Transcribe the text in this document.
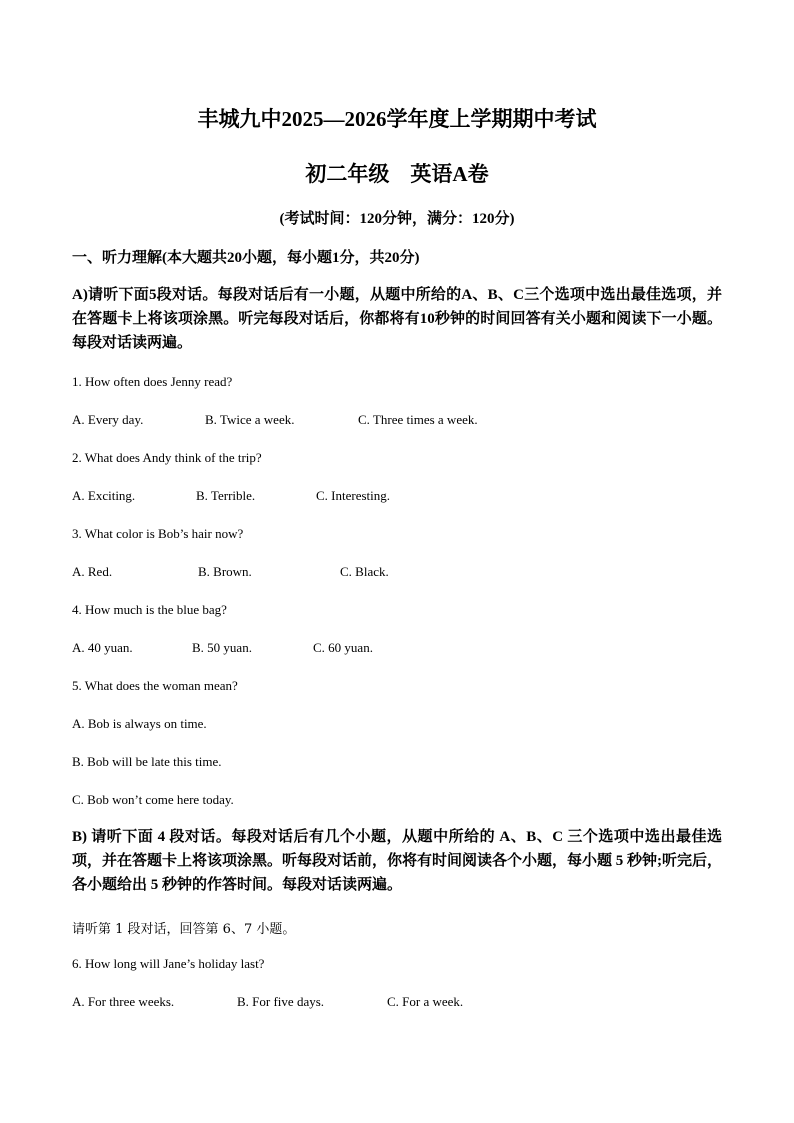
丰城九中2025—2026学年度上学期期中考试
初二年级　英语A卷
(考试时间：120分钟，满分：120分)
一、听力理解(本大题共20小题，每小题1分，共20分)
A)请听下面5段对话。每段对话后有一小题，从题中所给的A、B、C三个选项中选出最佳选项，并在答题卡上将该项涂黑。听完每段对话后，你都将有10秒钟的时间回答有关小题和阅读下一小题。每段对话读两遍。
1. How often does Jenny read?
A. Every day.	B. Twice a week.	C. Three times a week.
2. What does Andy think of the trip?
A. Exciting.	B. Terrible.	C. Interesting.
3. What color is Bob’s hair now?
A. Red.	B. Brown.	C. Black.
4. How much is the blue bag?
A. 40 yuan.	B. 50 yuan.	C. 60 yuan.
5. What does the woman mean?
A. Bob is always on time.
B. Bob will be late this time.
C. Bob won’t come here today.
B) 请听下面 4 段对话。每段对话后有几个小题，从题中所给的 A、B、C 三个选项中选出最佳选项，并在答题卡上将该项涂黑。听每段对话前，你将有时间阅读各个小题，每小题 5 秒钟;听完后，各小题给出 5 秒钟的作答时间。每段对话读两遍。
请听第 1 段对话，回答第 6、7 小题。
6. How long will Jane’s holiday last?
A. For three weeks.	B. For five days.	C. For a week.
